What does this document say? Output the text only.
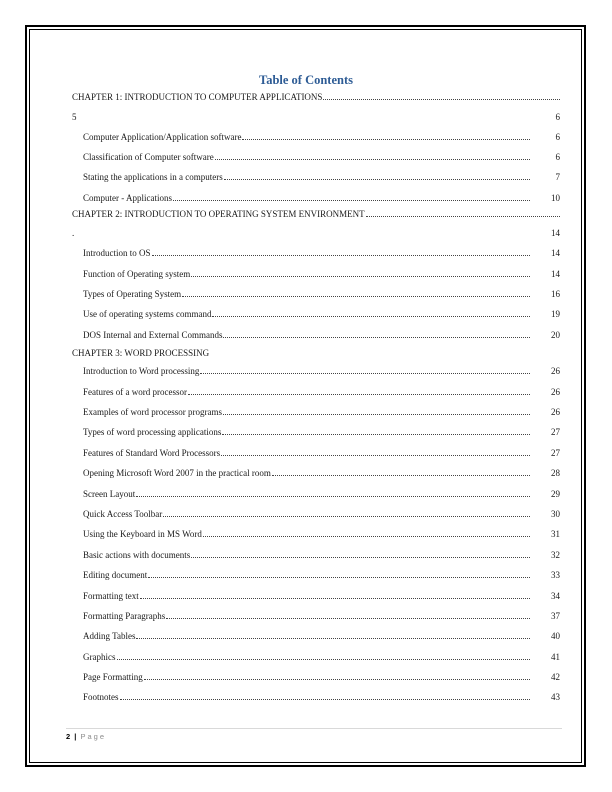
Table of Contents
CHAPTER 1: INTRODUCTION TO COMPUTER APPLICATIONS
5	6
Computer Application/Application software	6
Classification of Computer software	6
Stating the applications in a computers	7
Computer - Applications	10
CHAPTER 2: INTRODUCTION TO OPERATING SYSTEM ENVIRONMENT
.	14
Introduction to OS	14
Function of Operating system	14
Types of Operating System	16
Use of operating systems command	19
DOS Internal and External Commands	20
CHAPTER 3: WORD PROCESSING
Introduction to Word processing	26
Features of a word processor	26
Examples of word processor programs	26
Types of word processing applications	27
Features of Standard Word Processors	27
Opening Microsoft Word 2007 in the practical room	28
Screen Layout	29
Quick Access Toolbar	30
Using the Keyboard in MS Word	31
Basic actions with documents	32
Editing document	33
Formatting text	34
Formatting Paragraphs	37
Adding Tables	40
Graphics	41
Page Formatting	42
Footnotes	43
2 | Page
